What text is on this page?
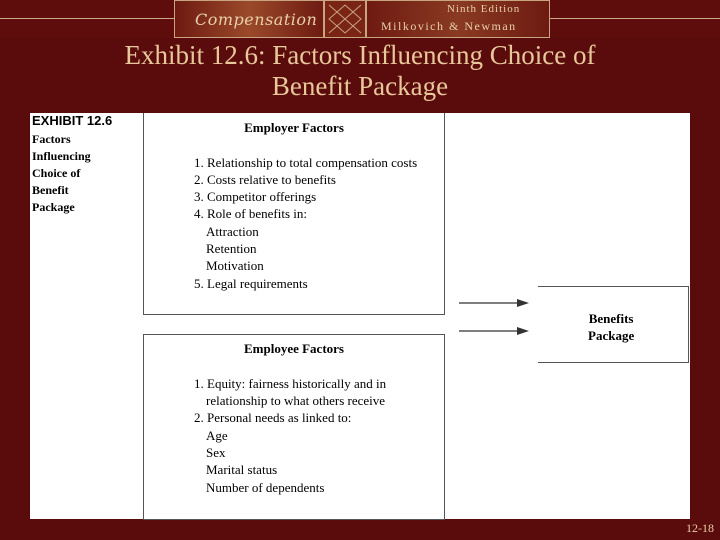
Compensation
Ninth Edition
Milkovich & Newman
Exhibit 12.6: Factors Influencing Choice of
Benefit Package
EXHIBIT 12.6
Factors
Influencing
Choice of
Benefit
Package
Employer Factors
1. Relationship to total compensation costs
2. Costs relative to benefits
3. Competitor offerings
4. Role of benefits in:
Attraction
Retention
Motivation
5. Legal requirements
Employee Factors
1. Equity: fairness historically and in
relationship to what others receive
2. Personal needs as linked to:
Age
Sex
Marital status
Number of dependents
Benefits
Package
12-18
